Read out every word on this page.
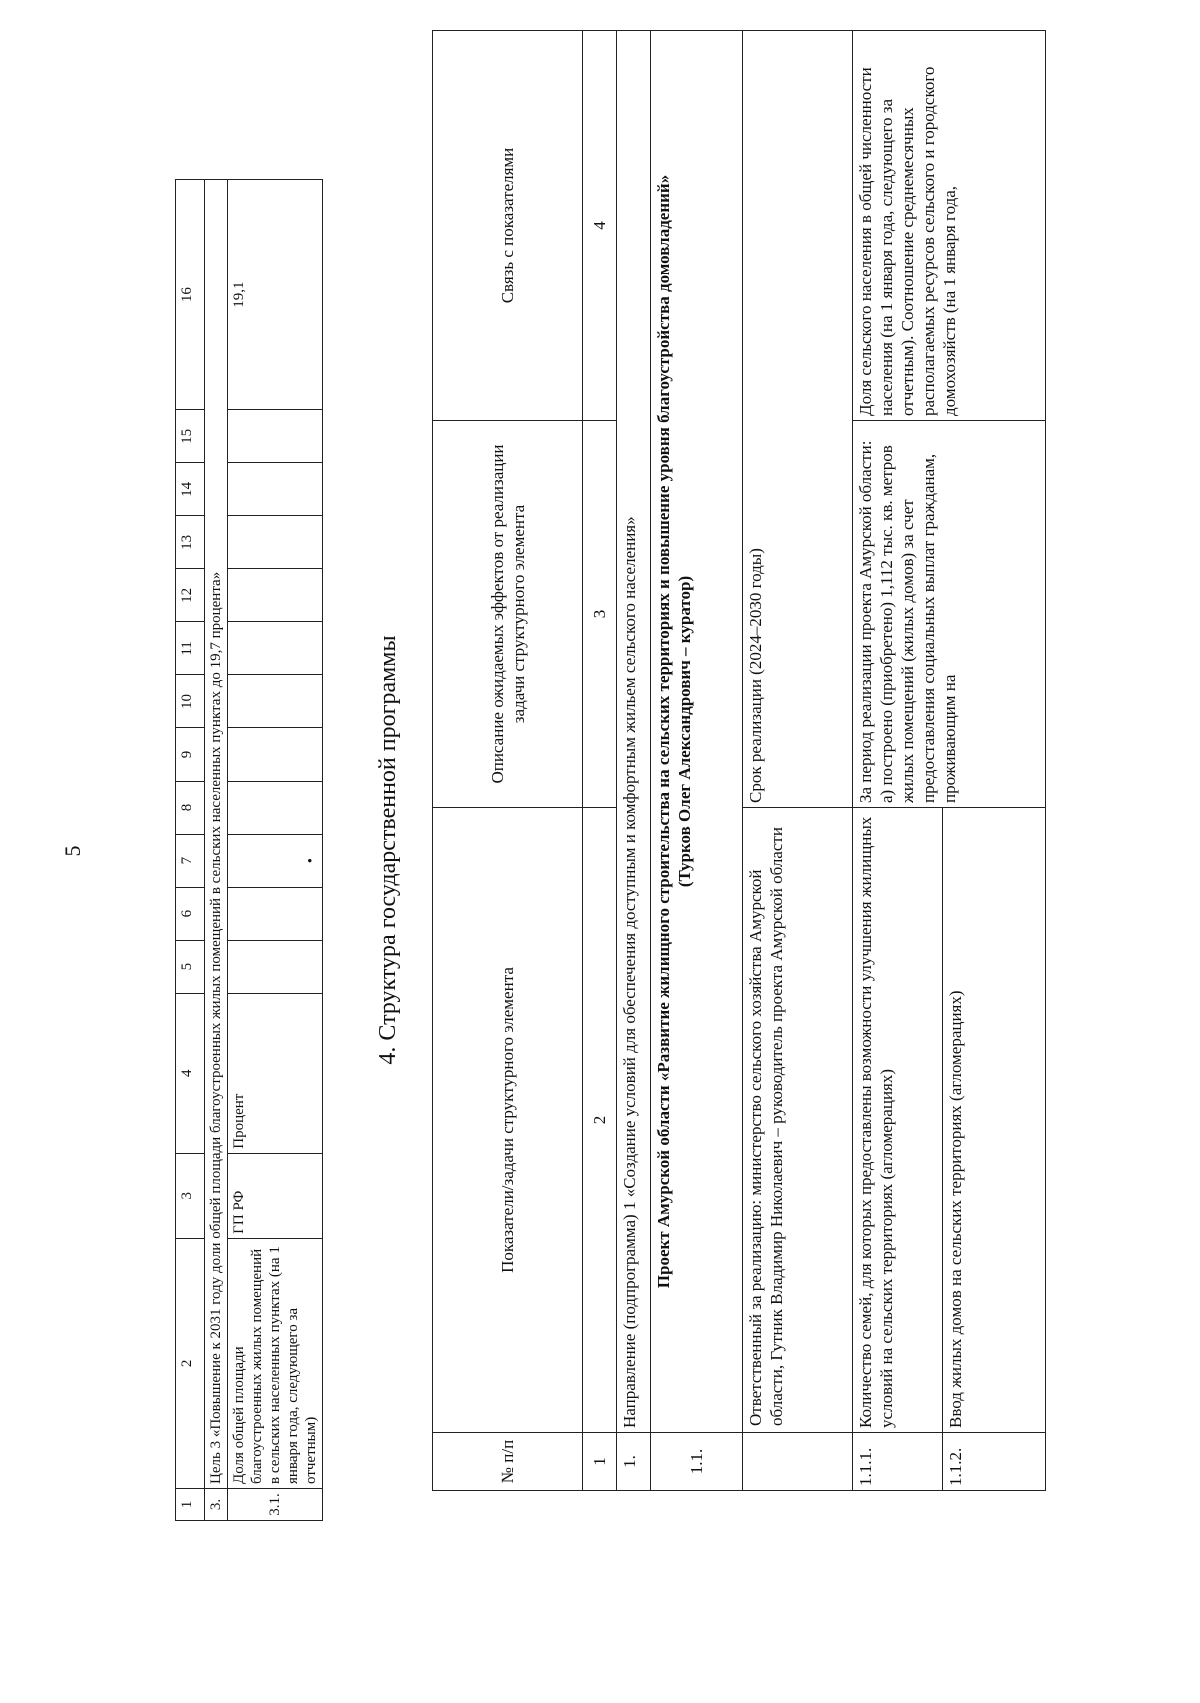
5
1	2	3	4	5	6	7	8	9	10	11	12	13	14	15	16
3.	Цель 3 «Повышение к 2031 году доли общей площади благоустроенных жилых помещений в сельских населенных пунктах до 19,7 процента»														
3.1.	Доля общей площади благоустроенных жилых помещений в сельских населенных пунктах (на 1 января года, следующего за отчетным)	ГП РФ	Процент			•									19,1
4. Структура государственной программы
№ п/п	Показатели/задачи структурного элемента	Описание ожидаемых эффектов от реализации задачи структурного элемента	Связь с показателями
1	2	3	4
1.	Направление (подпрограмма) 1 «Создание условий для обеспечения доступным и комфортным жильем сельского населения»		
1.1.	Проект Амурской области «Развитие жилищного строительства на сельских территориях и повышение уровня благоустройства домовладений» (Турков Олег Александрович – куратор)		

	Ответственный за реализацию: министерство сельского хозяйства Амурской области, Гутник Владимир Николаевич – руководитель проекта Амурской области	Срок реализации (2024–2030 годы)	
1.1.1.	Количество семей, для которых предоставлены возможности улучшения жилищных условий на сельских территориях (агломерациях)	За период реализации проекта Амурской области: а) построено (приобретено) 1,112 тыс. кв. метров жилых помещений (жилых домов) за счет предоставления социальных выплат гражданам, проживающим на	Доля сельского населения в общей численности населения (на 1 января года, следующего за отчетным). Соотношение среднемесячных располагаемых ресурсов сельского и городского домохозяйств (на 1 января года,

1.1.2.	Ввод жилых домов на сельских территориях (агломерациях)		
